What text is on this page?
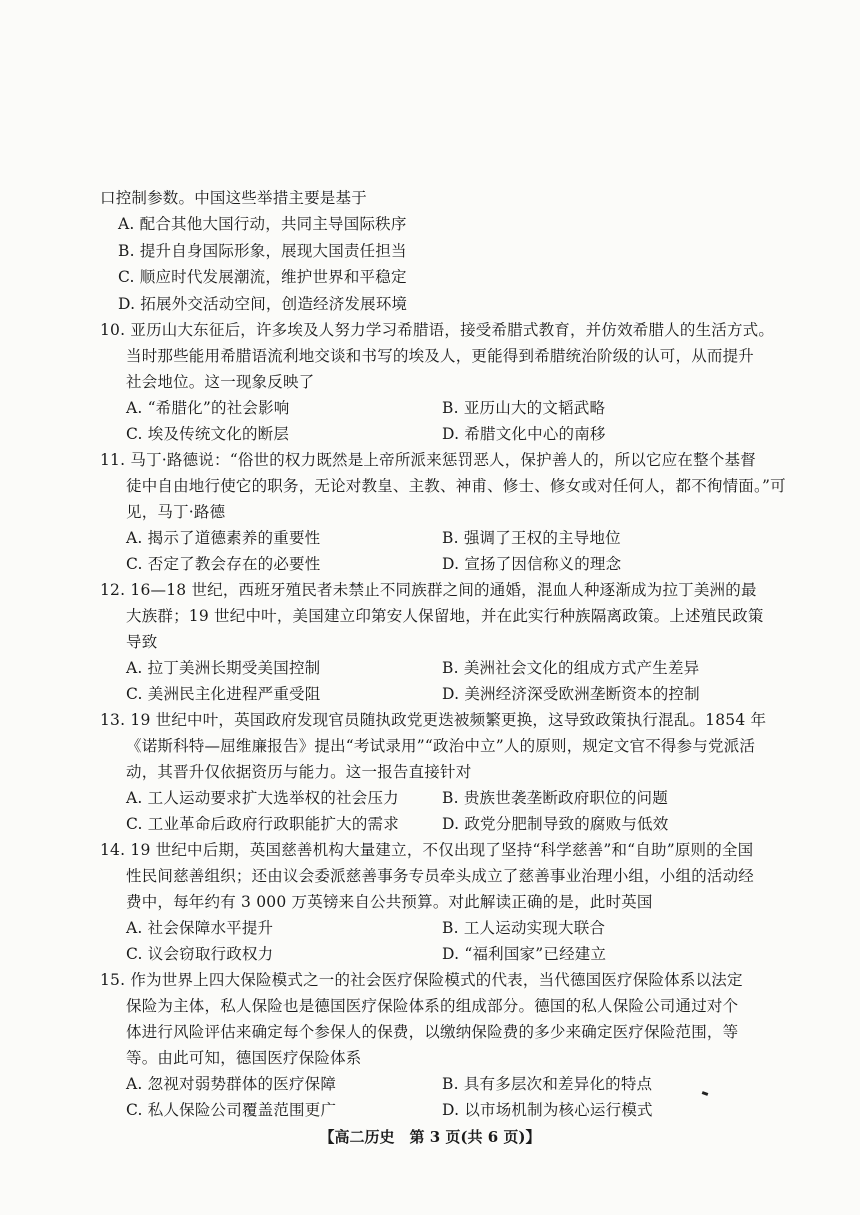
口控制参数。中国这些举措主要是基于
A. 配合其他大国行动，共同主导国际秩序
B. 提升自身国际形象，展现大国责任担当
C. 顺应时代发展潮流，维护世界和平稳定
D. 拓展外交活动空间，创造经济发展环境
10. 亚历山大东征后，许多埃及人努力学习希腊语，接受希腊式教育，并仿效希腊人的生活方式。
当时那些能用希腊语流利地交谈和书写的埃及人，更能得到希腊统治阶级的认可，从而提升
社会地位。这一现象反映了
A. “希腊化”的社会影响	B. 亚历山大的文韬武略
C. 埃及传统文化的断层	D. 希腊文化中心的南移
11. 马丁·路德说：“俗世的权力既然是上帝所派来惩罚恶人，保护善人的，所以它应在整个基督
徒中自由地行使它的职务，无论对教皇、主教、神甫、修士、修女或对任何人，都不徇情面。”可
见，马丁·路德
A. 揭示了道德素养的重要性	B. 强调了王权的主导地位
C. 否定了教会存在的必要性	D. 宣扬了因信称义的理念
12. 16—18 世纪，西班牙殖民者未禁止不同族群之间的通婚，混血人种逐渐成为拉丁美洲的最
大族群；19 世纪中叶，美国建立印第安人保留地，并在此实行种族隔离政策。上述殖民政策
导致
A. 拉丁美洲长期受美国控制	B. 美洲社会文化的组成方式产生差异
C. 美洲民主化进程严重受阻	D. 美洲经济深受欧洲垄断资本的控制
13. 19 世纪中叶，英国政府发现官员随执政党更迭被频繁更换，这导致政策执行混乱。1854 年
《诺斯科特—屈维廉报告》提出“考试录用”“政治中立”人的原则，规定文官不得参与党派活
动，其晋升仅依据资历与能力。这一报告直接针对
A. 工人运动要求扩大选举权的社会压力	B. 贵族世袭垄断政府职位的问题
C. 工业革命后政府行政职能扩大的需求	D. 政党分肥制导致的腐败与低效
14. 19 世纪中后期，英国慈善机构大量建立，不仅出现了坚持“科学慈善”和“自助”原则的全国
性民间慈善组织；还由议会委派慈善事务专员牵头成立了慈善事业治理小组，小组的活动经
费中，每年约有 3 000 万英镑来自公共预算。对此解读正确的是，此时英国
A. 社会保障水平提升	B. 工人运动实现大联合
C. 议会窃取行政权力	D. “福利国家”已经建立
15. 作为世界上四大保险模式之一的社会医疗保险模式的代表，当代德国医疗保险体系以法定
保险为主体，私人保险也是德国医疗保险体系的组成部分。德国的私人保险公司通过对个
体进行风险评估来确定每个参保人的保费，以缴纳保险费的多少来确定医疗保险范围，等
等。由此可知，德国医疗保险体系
A. 忽视对弱势群体的医疗保障	B. 具有多层次和差异化的特点
C. 私人保险公司覆盖范围更广	D. 以市场机制为核心运行模式
【高二历史　第 3 页(共 6 页)】
